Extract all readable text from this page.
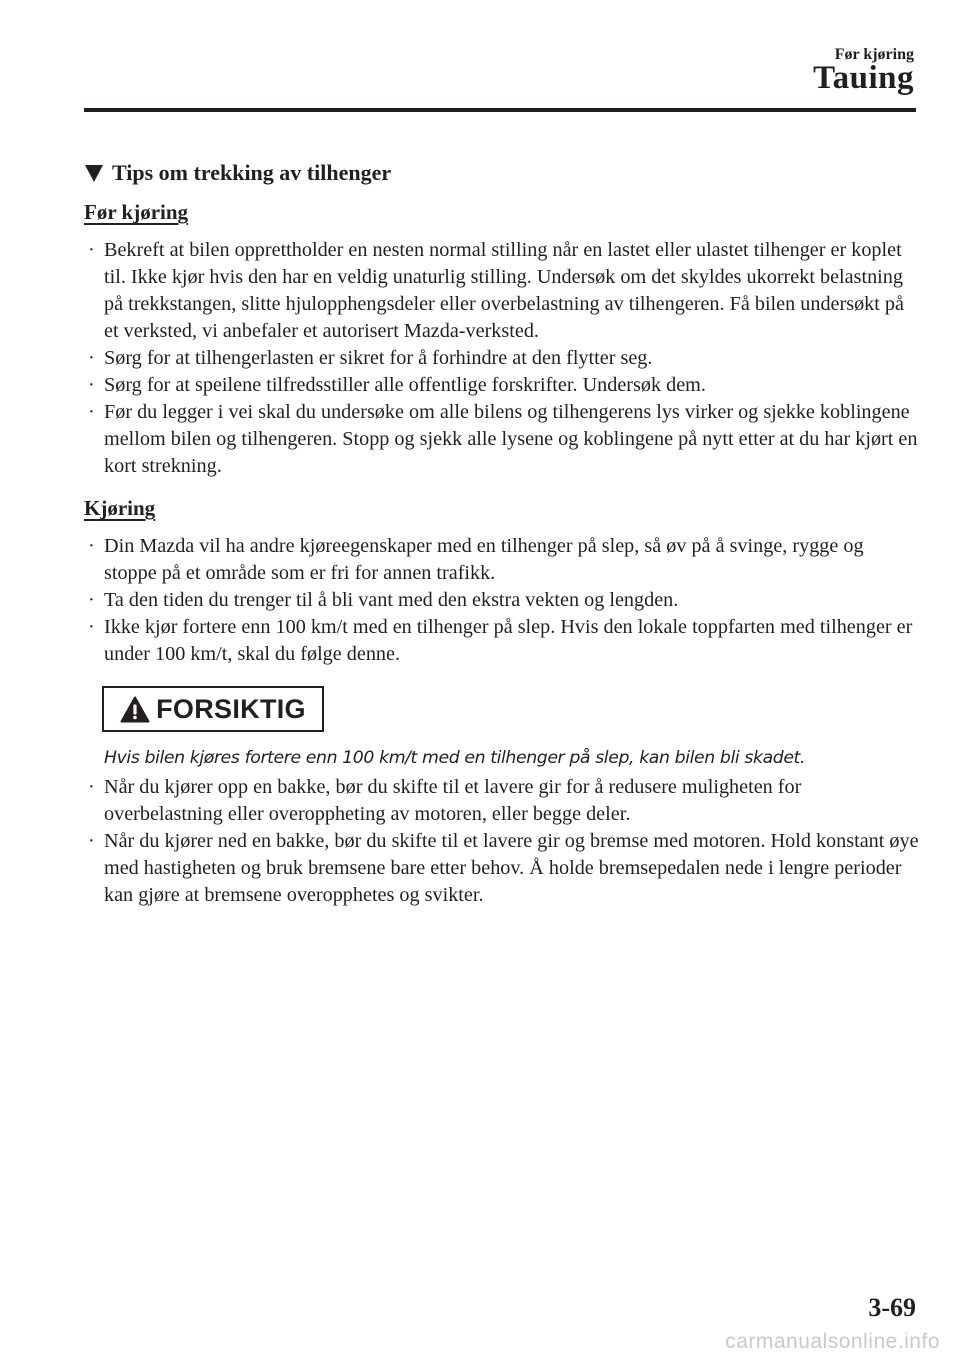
Før kjøring
Tauing
Tips om trekking av tilhenger
Før kjøring
· Bekreft at bilen opprettholder en nesten normal stilling når en lastet eller ulastet tilhenger er koplet til. Ikke kjør hvis den har en veldig unaturlig stilling. Undersøk om det skyldes ukorrekt belastning på trekkstangen, slitte hjulopphengsdeler eller overbelastning av tilhengeren. Få bilen undersøkt på et verksted, vi anbefaler et autorisert Mazda-verksted.
· Sørg for at tilhengerlasten er sikret for å forhindre at den flytter seg.
· Sørg for at speilene tilfredsstiller alle offentlige forskrifter. Undersøk dem.
· Før du legger i vei skal du undersøke om alle bilens og tilhengerens lys virker og sjekke koblingene mellom bilen og tilhengeren. Stopp og sjekk alle lysene og koblingene på nytt etter at du har kjørt en kort strekning.
Kjøring
· Din Mazda vil ha andre kjøreegenskaper med en tilhenger på slep, så øv på å svinge, rygge og stoppe på et område som er fri for annen trafikk.
· Ta den tiden du trenger til å bli vant med den ekstra vekten og lengden.
· Ikke kjør fortere enn 100 km/t med en tilhenger på slep. Hvis den lokale toppfarten med tilhenger er under 100 km/t, skal du følge denne.
FORSIKTIG
Hvis bilen kjøres fortere enn 100 km/t med en tilhenger på slep, kan bilen bli skadet.
· Når du kjører opp en bakke, bør du skifte til et lavere gir for å redusere muligheten for overbelastning eller overoppheting av motoren, eller begge deler.
· Når du kjører ned en bakke, bør du skifte til et lavere gir og bremse med motoren. Hold konstant øye med hastigheten og bruk bremsene bare etter behov. Å holde bremsepedalen nede i lengre perioder kan gjøre at bremsene overopphetes og svikter.
3-69
carmanualsonline.info
